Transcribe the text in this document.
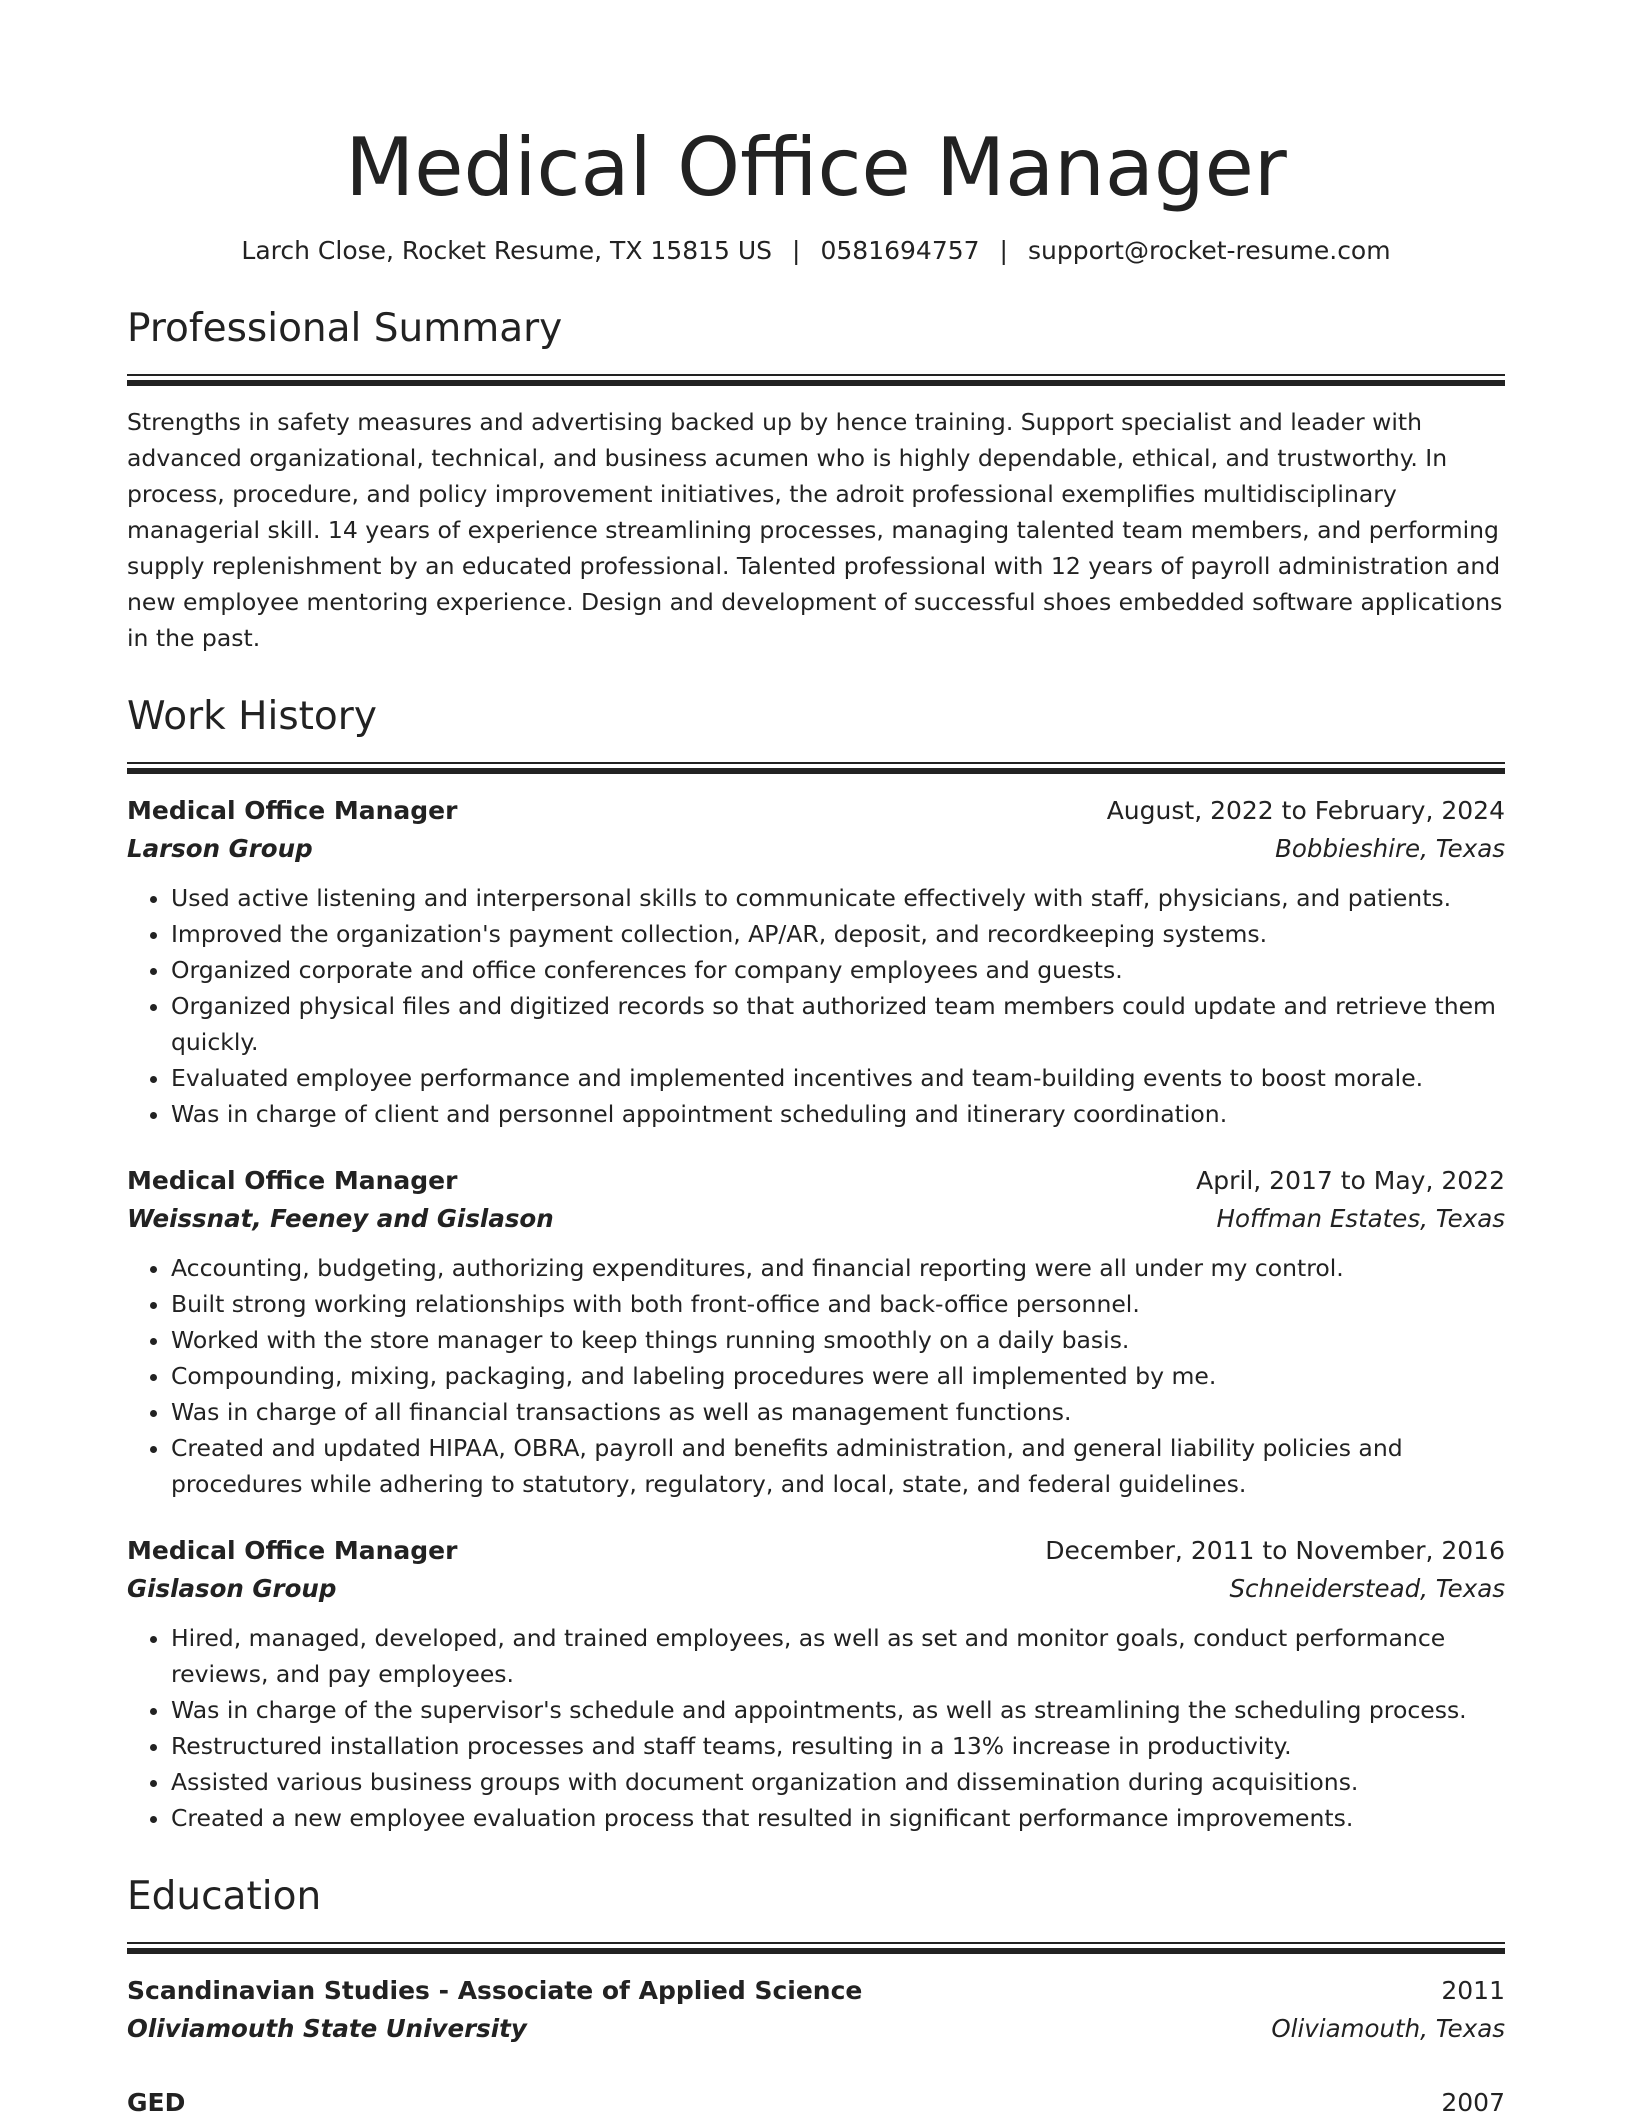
Medical Office Manager
Larch Close, Rocket Resume, TX 15815 US | 0581694757 | support@rocket-resume.com
Professional Summary
Strengths in safety measures and advertising backed up by hence training. Support specialist and leader with advanced organizational, technical, and business acumen who is highly dependable, ethical, and trustworthy. In process, procedure, and policy improvement initiatives, the adroit professional exemplifies multidisciplinary managerial skill. 14 years of experience streamlining processes, managing talented team members, and performing supply replenishment by an educated professional. Talented professional with 12 years of payroll administration and new employee mentoring experience. Design and development of successful shoes embedded software applications in the past.
Work History
Medical Office Manager	August, 2022 to February, 2024
Larson Group	Bobbieshire, Texas
• Used active listening and interpersonal skills to communicate effectively with staff, physicians, and patients.
• Improved the organization's payment collection, AP/AR, deposit, and recordkeeping systems.
• Organized corporate and office conferences for company employees and guests.
• Organized physical files and digitized records so that authorized team members could update and retrieve them quickly.
• Evaluated employee performance and implemented incentives and team-building events to boost morale.
• Was in charge of client and personnel appointment scheduling and itinerary coordination.
Medical Office Manager	April, 2017 to May, 2022
Weissnat, Feeney and Gislason	Hoffman Estates, Texas
• Accounting, budgeting, authorizing expenditures, and financial reporting were all under my control.
• Built strong working relationships with both front-office and back-office personnel.
• Worked with the store manager to keep things running smoothly on a daily basis.
• Compounding, mixing, packaging, and labeling procedures were all implemented by me.
• Was in charge of all financial transactions as well as management functions.
• Created and updated HIPAA, OBRA, payroll and benefits administration, and general liability policies and procedures while adhering to statutory, regulatory, and local, state, and federal guidelines.
Medical Office Manager	December, 2011 to November, 2016
Gislason Group	Schneiderstead, Texas
• Hired, managed, developed, and trained employees, as well as set and monitor goals, conduct performance reviews, and pay employees.
• Was in charge of the supervisor's schedule and appointments, as well as streamlining the scheduling process.
• Restructured installation processes and staff teams, resulting in a 13% increase in productivity.
• Assisted various business groups with document organization and dissemination during acquisitions.
• Created a new employee evaluation process that resulted in significant performance improvements.
Education
Scandinavian Studies - Associate of Applied Science	2011
Oliviamouth State University	Oliviamouth, Texas
GED	2007
